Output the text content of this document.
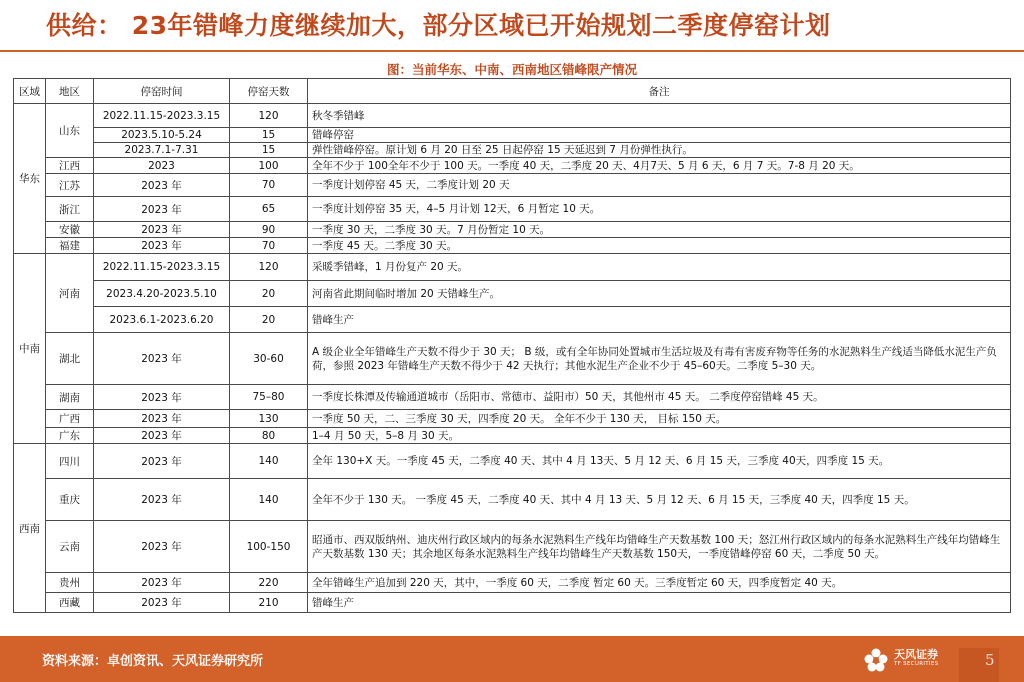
供给： 23年错峰力度继续加大，部分区域已开始规划二季度停窑计划
图：当前华东、中南、西南地区错峰限产情况
区域	地区	停窑时间	停窑天数	备注
华东	山东	2022.11.15-2023.3.15	120	秋冬季错峰
		2023.5.10-5.24	15	错峰停窑
		2023.7.1-7.31	15	弹性错峰停窑。原计划 6 月 20 日至 25 日起停窑 15 天延迟到 7 月份弹性执行。
	江西	2023	100	全年不少于 100全年不少于 100 天。一季度 40 天，二季度 20 天、4月7天、5 月 6 天，6 月 7 天。7-8 月 20 天。
	江苏	2023 年	70	一季度计划停窑 45 天，二季度计划 20 天
	浙江	2023 年	65	一季度计划停窑 35 天，4–5 月计划 12天，6 月暂定 10 天。
	安徽	2023 年	90	一季度 30 天，二季度 30 天。7 月份暂定 10 天。
	福建	2023 年	70	一季度 45 天。二季度 30 天。
中南	河南	2022.11.15-2023.3.15	120	采暖季错峰，1 月份复产 20 天。
		2023.4.20-2023.5.10	20	河南省此期间临时增加 20 天错峰生产。
		2023.6.1-2023.6.20	20	错峰生产
	湖北	2023 年	30-60	A 级企业全年错峰生产天数不得少于 30 天； B 级，或有全年协同处置城市生活垃圾及有毒有害废弃物等任务的水泥熟料生产线适当降低水泥生产负荷，参照 2023 年错峰生产天数不得少于 42 天执行；其他水泥生产企业不少于 45–60天。二季度 5–30 天。
	湖南	2023 年	75–80	一季度长株潭及传输通道城市（岳阳市、常德市、益阳市）50 天，其他州市 45 天。 二季度停窑错峰 45 天。
	广西	2023 年	130	一季度 50 天，二、三季度 30 天，四季度 20 天。 全年不少于 130 天， 目标 150 天。
	广东	2023 年	80	1–4 月 50 天，5–8 月 30 天。
西南	四川	2023 年	140	全年 130+X 天。一季度 45 天，二季度 40 天、其中 4 月 13天、5 月 12 天、6 月 15 天，三季度 40天，四季度 15 天。
	重庆	2023 年	140	全年不少于 130 天。 一季度 45 天，二季度 40 天、其中 4 月 13 天、5 月 12 天、6 月 15 天，三季度 40 天，四季度 15 天。
	云南	2023 年	100-150	昭通市、西双版纳州、迪庆州行政区域内的每条水泥熟料生产线年均错峰生产天数基数 100 天；怒江州行政区域内的每条水泥熟料生产线年均错峰生产天数基数 130 天；其余地区每条水泥熟料生产线年均错峰生产天数基数 150天，一季度错峰停窑 60 天，二季度 50 天。
	贵州	2023 年	220	全年错峰生产追加到 220 天，其中，一季度 60 天，二季度 暂定 60 天。三季度暂定 60 天，四季度暂定 40 天。
	西藏	2023 年	210	错峰生产
资料来源：卓创资讯、天风证券研究所	天风证券
TF SECURITIES	5
